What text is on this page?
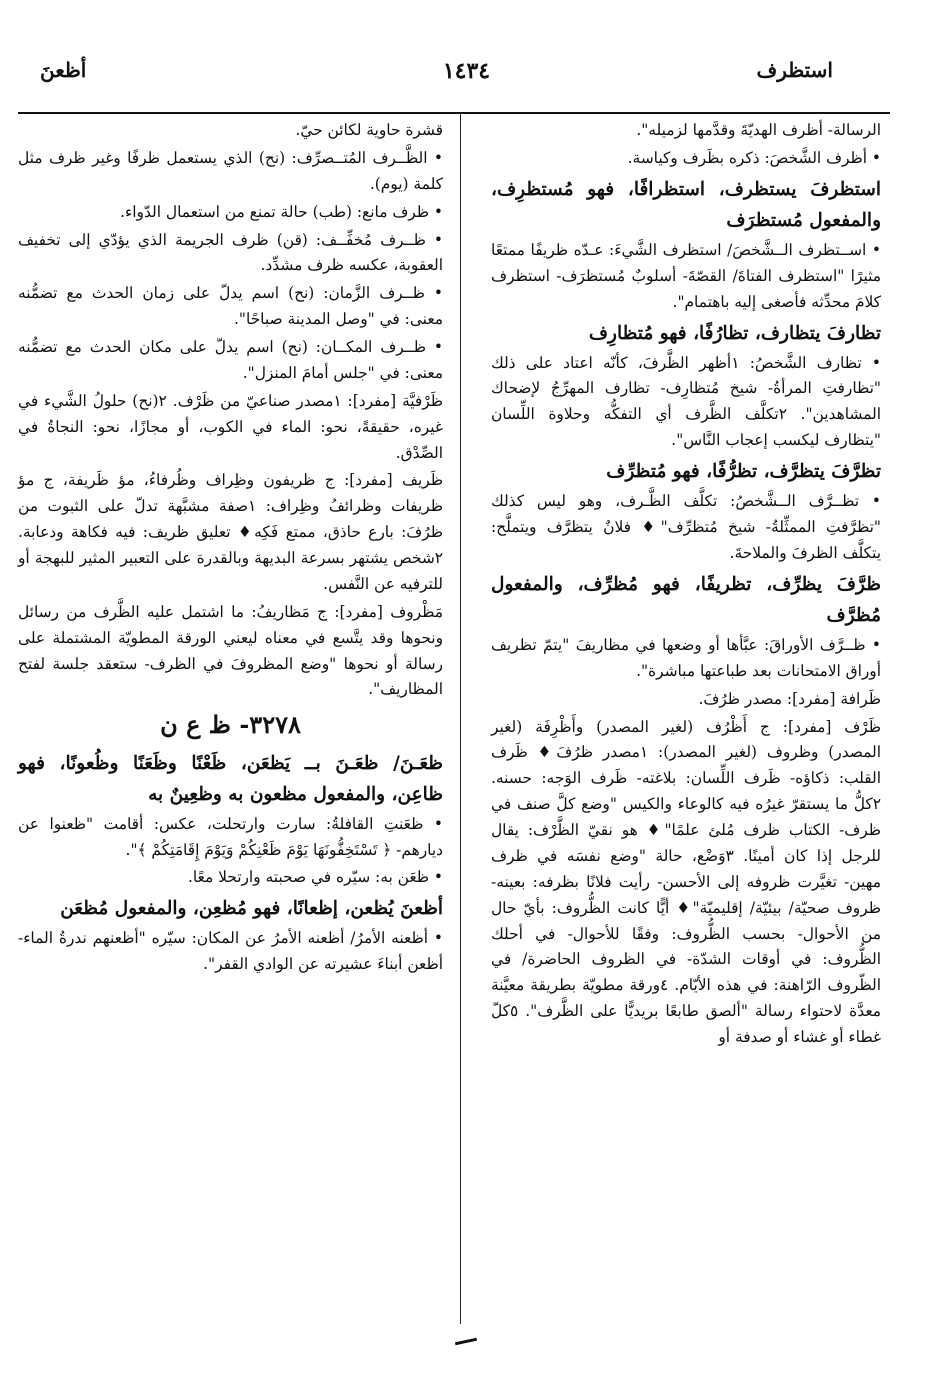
استظرف
١٤٣٤
أظعنَ

الرسالة- أظرف الهديّةَ وقدَّمها لزميله".

• أظرف الشَّخصَ: ذكره بظَرف وكياسة.

استظرفَ يستظرف، استظرافًا، فهو مُستظرِف، والمفعول مُستظرَف

• اســتظرف الــشَّخصَ/ استظرف الشَّيءَ: عـدّه ظريفًا ممتعًا مثيرًا "استظرف الفتاةَ/ القصّةَ- أسلوبٌ مُستظرَف- استظرف كلامَ محدِّثه فأصغى إليه باهتمام".

تظارفَ يتظارف، تظارُفًا، فهو مُتظارِف

• تظارف الشَّخصُ: ١أظهر الظَّرفَ، كأنّه اعتاد على ذلك "تظارفتِ المرأةُ- شيخ مُتظارِف- تظارف المهرِّجُ لإضحاك المشاهدين". ٢تكلَّف الظَّرف أي التفكُّه وحلاوة اللِّسان "يتظارف ليكسب إعجاب النَّاس".

تظرَّفَ يتظرَّف، تظرُّفًا، فهو مُتظرِّف

• تظــرَّف الــشَّخصُ: تكلَّف الظَّـرف، وهو ليس كذلك "تظرَّفتِ الممثِّلةُ- شيخ مُتظرِّف"♦ فلانٌ يتظرَّف ويتملَّح: يتكلَّف الظرفَ والملاحةَ.

ظرَّفَ يظرِّف، تظريفًا، فهو مُظرِّف، والمفعول مُظرَّف

• ظــرَّف الأوراقَ: عبَّأها أو وضعها في مظاريفَ "يتمّ تظريف أوراق الامتحانات بعد طباعتها مباشرة".

ظَرافة [مفرد]: مصدر ظرُفَ.

ظَرْف [مفرد]: ج أَظْرُف (لغير المصدر) وأَظْرِفَة (لغير المصدر) وظروف (لغير المصدر): ١مصدر ظرُفَ♦ ظَرف القلب: ذكاؤه- ظَرف اللِّسان: بلاغته- ظَرف الوَجه: حسنه. ٢كلُّ ما يستقرّ غيرُه فيه كالوعاء والكيس "وضع كلَّ صنف في ظرف- الكتاب ظرف مُلئ علمًا"♦ هو نقيّ الظَّرْف: يقال للرجل إذا كان أمينًا. ٣وَضْع، حالة "وضع نفسَه في ظرف مهين- تغيَّرت ظروفه إلى الأحسن- رأيت فلانًا بظرفه: بعينه- ظروف صحيّة/ بيئيّة/ إقليميّة"♦ أيًّا كانت الظُّروف: بأيّ حال من الأحوال- بحسب الظُّروف: وفقًا للأحوال- في أحلك الظُّروف: في أوقات الشدّة- في الظروف الحاضرة/ في الظّروف الرّاهنة: في هذه الأيّام. ٤ورقة مطويّة بطريقة معيَّنة معدَّة لاحتواء رسالة "ألصق طابعًا بريديًّا على الظَّرف". ٥كلّ غطاء أو غشاء أو صدفة أو

قشرة حاوية لكائن حيّ.

• الظَّــرف المُتــصرِّف: (نح) الذي يستعمل ظرفًا وغير ظرف مثل كلمة (يوم).

• ظرف مانع: (طب) حالة تمنع من استعمال الدّواء.

• ظــرف مُخفِّــف: (قن) ظرف الجريمة الذي يؤدّي إلى تخفيف العقوبة، عكسه ظرف مشدِّد.

• ظــرف الزَّمان: (نح) اسم يدلّ على زمان الحدث مع تضمُّنه معنى: في "وصل المدينة صباحًا".

• ظــرف المكــان: (نح) اسم يدلّ على مكان الحدث مع تضمُّنه معنى: في "جلس أمامَ المنزل".

ظَرْفيَّة [مفرد]: ١مصدر صناعيّ من ظَرْف. ٢(نح) حلولُ الشَّيء في غيره، حقيقةً، نحو: الماء في الكوب، أو مجازًا، نحو: النجاةُ في الصِّدْق.

ظَريف [مفرد]: ج ظريفون وظِراف وظُرفاءُ، مؤ ظَريفة، ج مؤ ظريفات وظرائفُ وظِراف: ١صفة مشبَّهة تدلّ على الثبوت من ظرُفَ: بارع حاذق، ممتع فَكِه♦ تعليق ظريف: فيه فكاهة ودعابة. ٢شخص يشتهر بسرعة البديهة وبالقدرة على التعبير المثير للبهجة أو للترفيه عن النَّفس.

مَظْروف [مفرد]: ج مَظاريفُ: ما اشتمل عليه الظَّرف من رسائل ونحوها وقد يتَّسع في معناه ليعني الورقة المطويّة المشتملة على رسالة أو نحوها "وضع المظروفَ في الظرف- ستعقد جلسة لفتح المظاريف".

٣٢٧٨- ظ ع ن

ظعَـنَ/ ظعَـنَ بــ يَظعَن، ظَعْنًا وظَعَنًا وظُعونًا، فهو ظاعِن، والمفعول مظعون به وظعِينٌ به

• ظعَنتِ القافلةُ: سارت وارتحلت، عكس: أقامت "ظعنوا عن ديارهم- ﴿ تَسْتَخِفُّونَهَا يَوْمَ ظَعْنِكُمْ وَيَوْمَ إِقَامَتِكُمْ ﴾".

• ظعَن به: سيّره في صحبته وارتحلا معًا.

أظعنَ يُظعن، إظعانًا، فهو مُظعِن، والمفعول مُظعَن

• أظعنه الأمرُ/ أظعنه الأمرُ عن المكان: سيّره "أظعنهم ندرةُ الماء- أظعن أبناءَ عشيرته عن الوادي القفر".
